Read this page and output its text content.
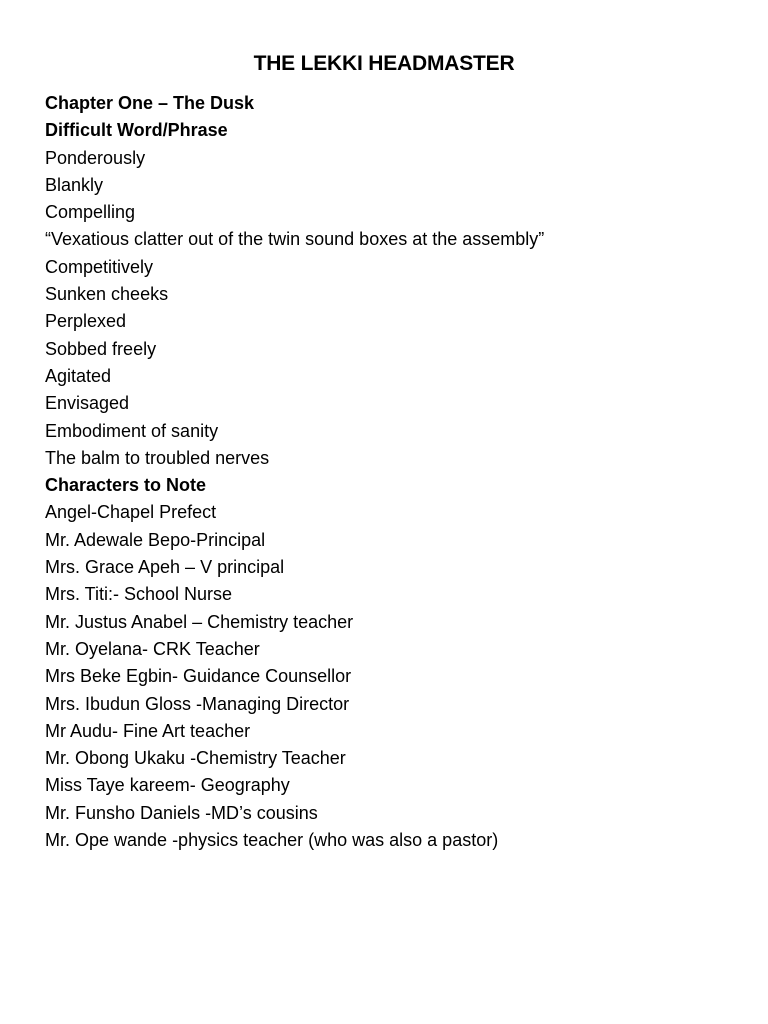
THE LEKKI HEADMASTER
Chapter One – The Dusk
Difficult Word/Phrase
Ponderously
Blankly
Compelling
“Vexatious clatter out of the twin sound boxes at the assembly”
Competitively
Sunken cheeks
Perplexed
Sobbed freely
Agitated
Envisaged
Embodiment of sanity
The balm to troubled nerves
Characters to Note
Angel-Chapel Prefect
Mr. Adewale Bepo-Principal
Mrs. Grace Apeh – V principal
Mrs. Titi:- School Nurse
Mr. Justus Anabel – Chemistry teacher
Mr. Oyelana- CRK Teacher
Mrs Beke Egbin- Guidance Counsellor
Mrs. Ibudun Gloss -Managing Director
Mr Audu- Fine Art teacher
Mr. Obong Ukaku -Chemistry Teacher
Miss Taye kareem- Geography
Mr. Funsho Daniels -MD’s cousins
Mr. Ope wande -physics teacher (who was also a pastor)
